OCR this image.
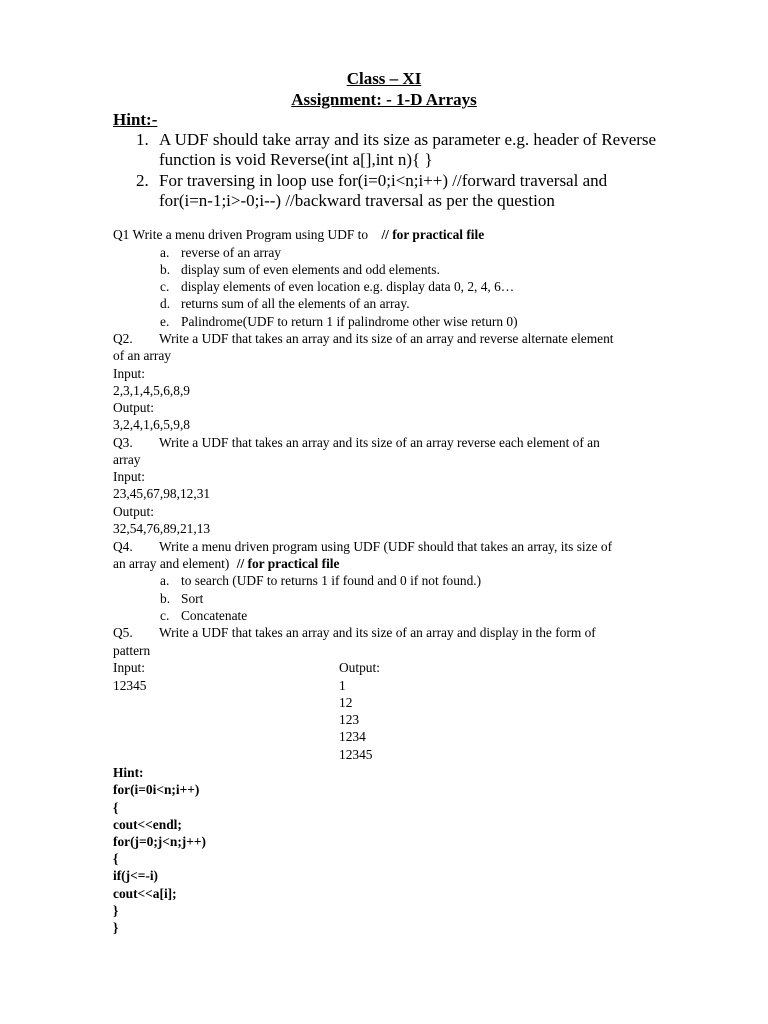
Class – XI
Assignment: - 1-D Arrays
Hint:-
1. A UDF should take array and its size as parameter e.g. header of Reverse
function is void Reverse(int a[],int n){ }
2. For traversing in loop use for(i=0;i<n;i++) //forward traversal and
for(i=n-1;i>-0;i--) //backward traversal as per the question
Q1 Write a menu driven Program using UDF to // for practical file
a. reverse of an array
b. display sum of even elements and odd elements.
c. display elements of even location e.g. display data 0, 2, 4, 6…
d. returns sum of all the elements of an array.
e. Palindrome(UDF to return 1 if palindrome other wise return 0)
Q2. Write a UDF that takes an array and its size of an array and reverse alternate element
of an array
Input:
2,3,1,4,5,6,8,9
Output:
3,2,4,1,6,5,9,8
Q3. Write a UDF that takes an array and its size of an array reverse each element of an
array
Input:
23,45,67,98,12,31
Output:
32,54,76,89,21,13
Q4. Write a menu driven program using UDF (UDF should that takes an array, its size of
an array and element) // for practical file
a. to search (UDF to returns 1 if found and 0 if not found.)
b. Sort
c. Concatenate
Q5. Write a UDF that takes an array and its size of an array and display in the form of
pattern
Input:
12345
Output:
1
12
123
1234
12345
Hint:
for(i=0i<n;i++)
{
cout<<endl;
for(j=0;j<n;j++)
{
if(j<=-i)
cout<<a[i];
}
}
